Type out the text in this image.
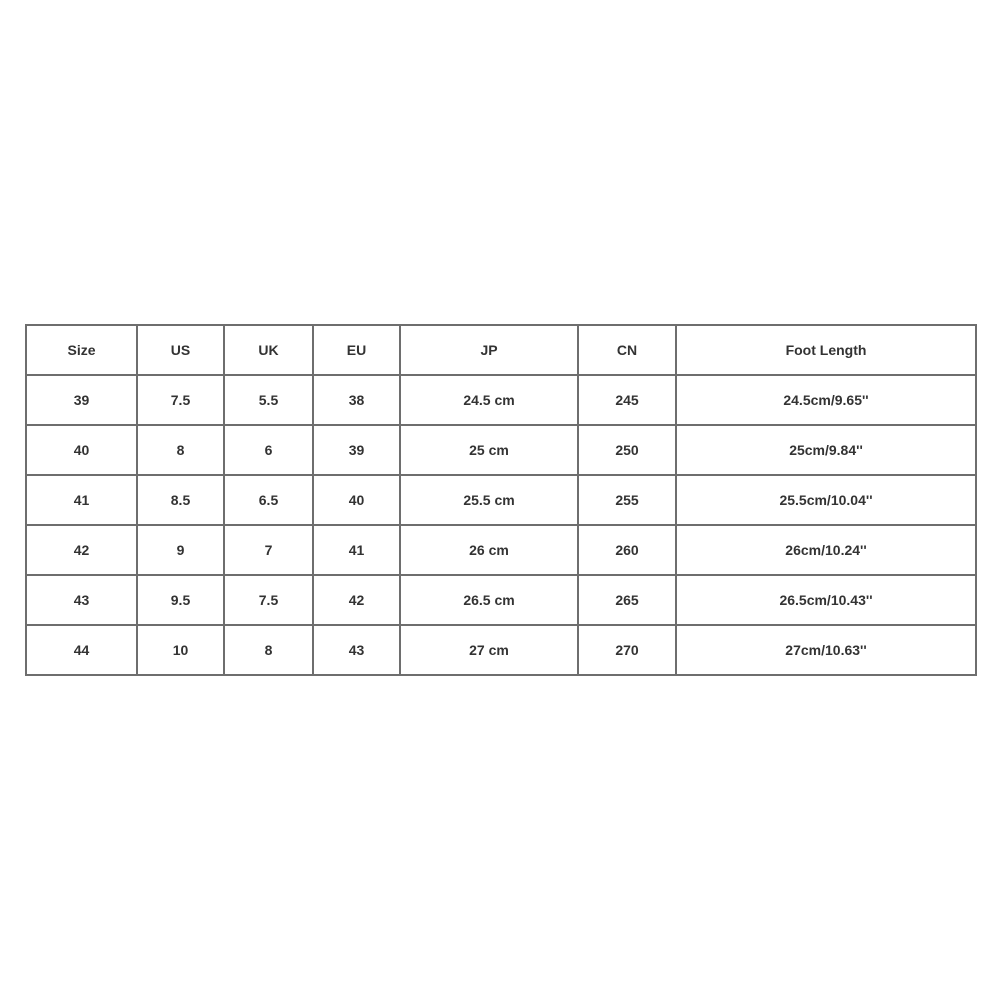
Size	US	UK	EU	JP	CN	Foot Length
39	7.5	5.5	38	24.5 cm	245	24.5cm/9.65''
40	8	6	39	25 cm	250	25cm/9.84''
41	8.5	6.5	40	25.5 cm	255	25.5cm/10.04''
42	9	7	41	26 cm	260	26cm/10.24''
43	9.5	7.5	42	26.5 cm	265	26.5cm/10.43''
44	10	8	43	27 cm	270	27cm/10.63''
